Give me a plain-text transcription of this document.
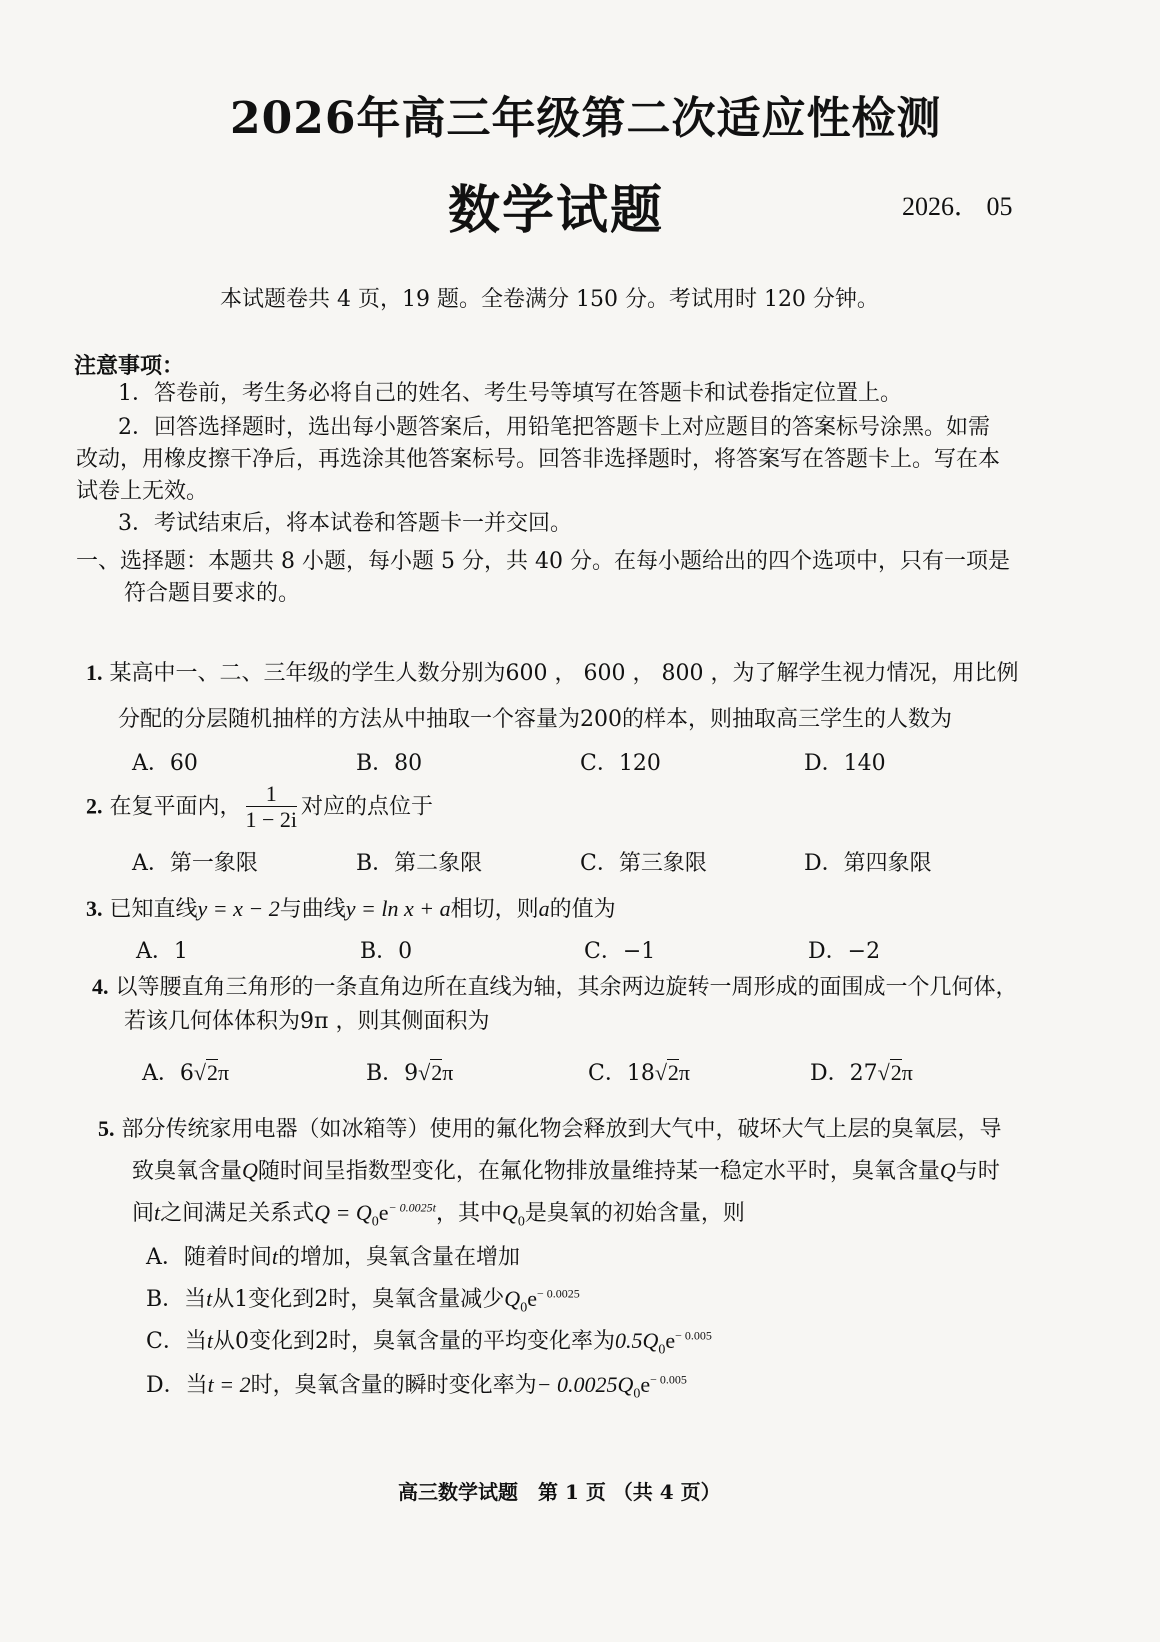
2026年高三年级第二次适应性检测
数学试题	2026． 05
本试题卷共 4 页，19 题。全卷满分 150 分。考试用时 120 分钟。
注意事项：
1．答卷前，考生务必将自己的姓名、考生号等填写在答题卡和试卷指定位置上。
2．回答选择题时，选出每小题答案后，用铅笔把答题卡上对应题目的答案标号涂黑。如需
改动，用橡皮擦干净后，再选涂其他答案标号。回答非选择题时，将答案写在答题卡上。写在本
试卷上无效。
3．考试结束后，将本试卷和答题卡一并交回。
一、选择题：本题共 8 小题，每小题 5 分，共 40 分。在每小题给出的四个选项中，只有一项是
符合题目要求的。
1. 某高中一、二、三年级的学生人数分别为600 ， 600 ， 800 ，为了解学生视力情况，用比例
分配的分层随机抽样的方法从中抽取一个容量为200的样本，则抽取高三学生的人数为
A．60	B．80	C．120	D．140
2. 在复平面内， $\frac{1}{1 - 2i}$ 对应的点位于
A．第一象限	B．第二象限	C．第三象限	D．第四象限
3. 已知直线y = x − 2与曲线y = ln x + a相切，则a的值为
A．1	B．0	C．−1	D．−2
4. 以等腰直角三角形的一条直角边所在直线为轴，其余两边旋转一周形成的面围成一个几何体，
若该几何体体积为9π ，则其侧面积为
A．6√2π	B．9√2π	C．18√2π	D．27√2π
5. 部分传统家用电器（如冰箱等）使用的氟化物会释放到大气中，破坏大气上层的臭氧层，导
致臭氧含量Q随时间呈指数型变化，在氟化物排放量维持某一稳定水平时，臭氧含量Q与时
间t之间满足关系式$Q = Q_0e^{- 0.0025t}$，其中$Q_0$是臭氧的初始含量，则
A．随着时间t的增加，臭氧含量在增加
B．当t从1变化到2时，臭氧含量减少$Q_0e^{- 0.0025}$
C．当t从0变化到2时，臭氧含量的平均变化率为$0.5Q_0e^{- 0.005}$
D．当t = 2时，臭氧含量的瞬时变化率为− $0.0025Q_0e^{- 0.005}$
高三数学试题　第 1 页 （共 4 页）
